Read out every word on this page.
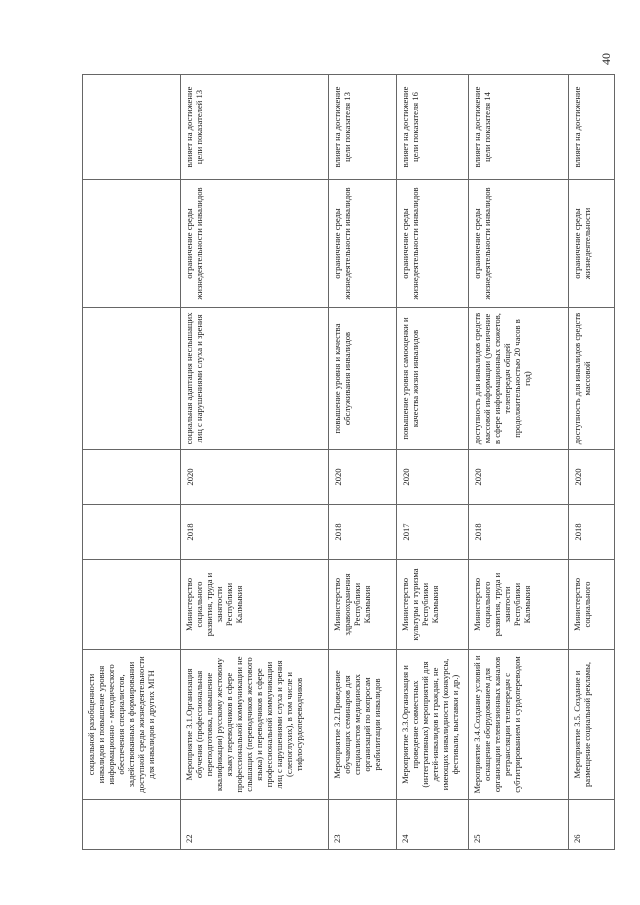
40
	социальной разобщенности инвалидов и повышение уровня информационно - методического обеспечения специалистов, задействованных в формировании доступной среды жизнедеятельности для инвалидов и других МГН						
22	Мероприятие 3.1.Организация обучения (профессиональная переподготовка, повышение квалификации) русскому жестовому языку переводчиков в сфере профессиональной коммуникации не слышащих (переводчиков жестового языка) и переводчиков в сфере профессиональной коммуникации лиц с нарушениями слуха и зрения (слепоглухих), в том числе и тифлосурдопереводчиков	Министерство социального развития, труда и занятости Республики Калмыкия	2018	2020	социальная адаптация неслышащих лиц с нарушениями слуха и зрения	ограничение среды жизнедеятельности инвалидов	влияет на достижение цели показателей 13
23	Мероприятие 3.2.Проведение обучающих семинаров для специалистов медицинских организаций по вопросам реабилитации инвалидов	Министерство здравоохранения Республики Калмыкия	2018	2020	повышение уровня и качества обслуживания инвалидов	ограничение среды жизнедеятельности инвалидов	влияет на достижение цели показателя 13
24	Мероприятие 3.3.Организация и проведение совместных (интегративных) мероприятий для детей-инвалидов и граждан, не имеющих инвалидности (конкурсы, фестивали, выставки и др.)	Министерство культуры и туризма Республики Калмыкия	2017	2020	повышение уровня самооценки и качества жизни инвалидов	ограничение среды жизнедеятельности инвалидов	влияет на достижение цели показателя 16
25	Мероприятие 3.4.Создание условий и оснащение оборудованием для организации телевизионных каналов ретрансляции телепередач с субтитрированием и сурдопереводом	Министерство социального развития, труда и занятости Республики Калмыкия	2018	2020	доступность для инвалидов средств массовой информации (увеличение в сфере информационных сюжетов, телепередач общей продолжительностью 20 часов в год)	ограничение среды жизнедеятельности инвалидов	влияет на достижение цели показателя 14
26	Мероприятие 3.5. Создание и размещение социальной рекламы,	Министерство социального	2018	2020	доступность для инвалидов средств массовой	ограничение среды жизнедеятельности	влияет на достижение
